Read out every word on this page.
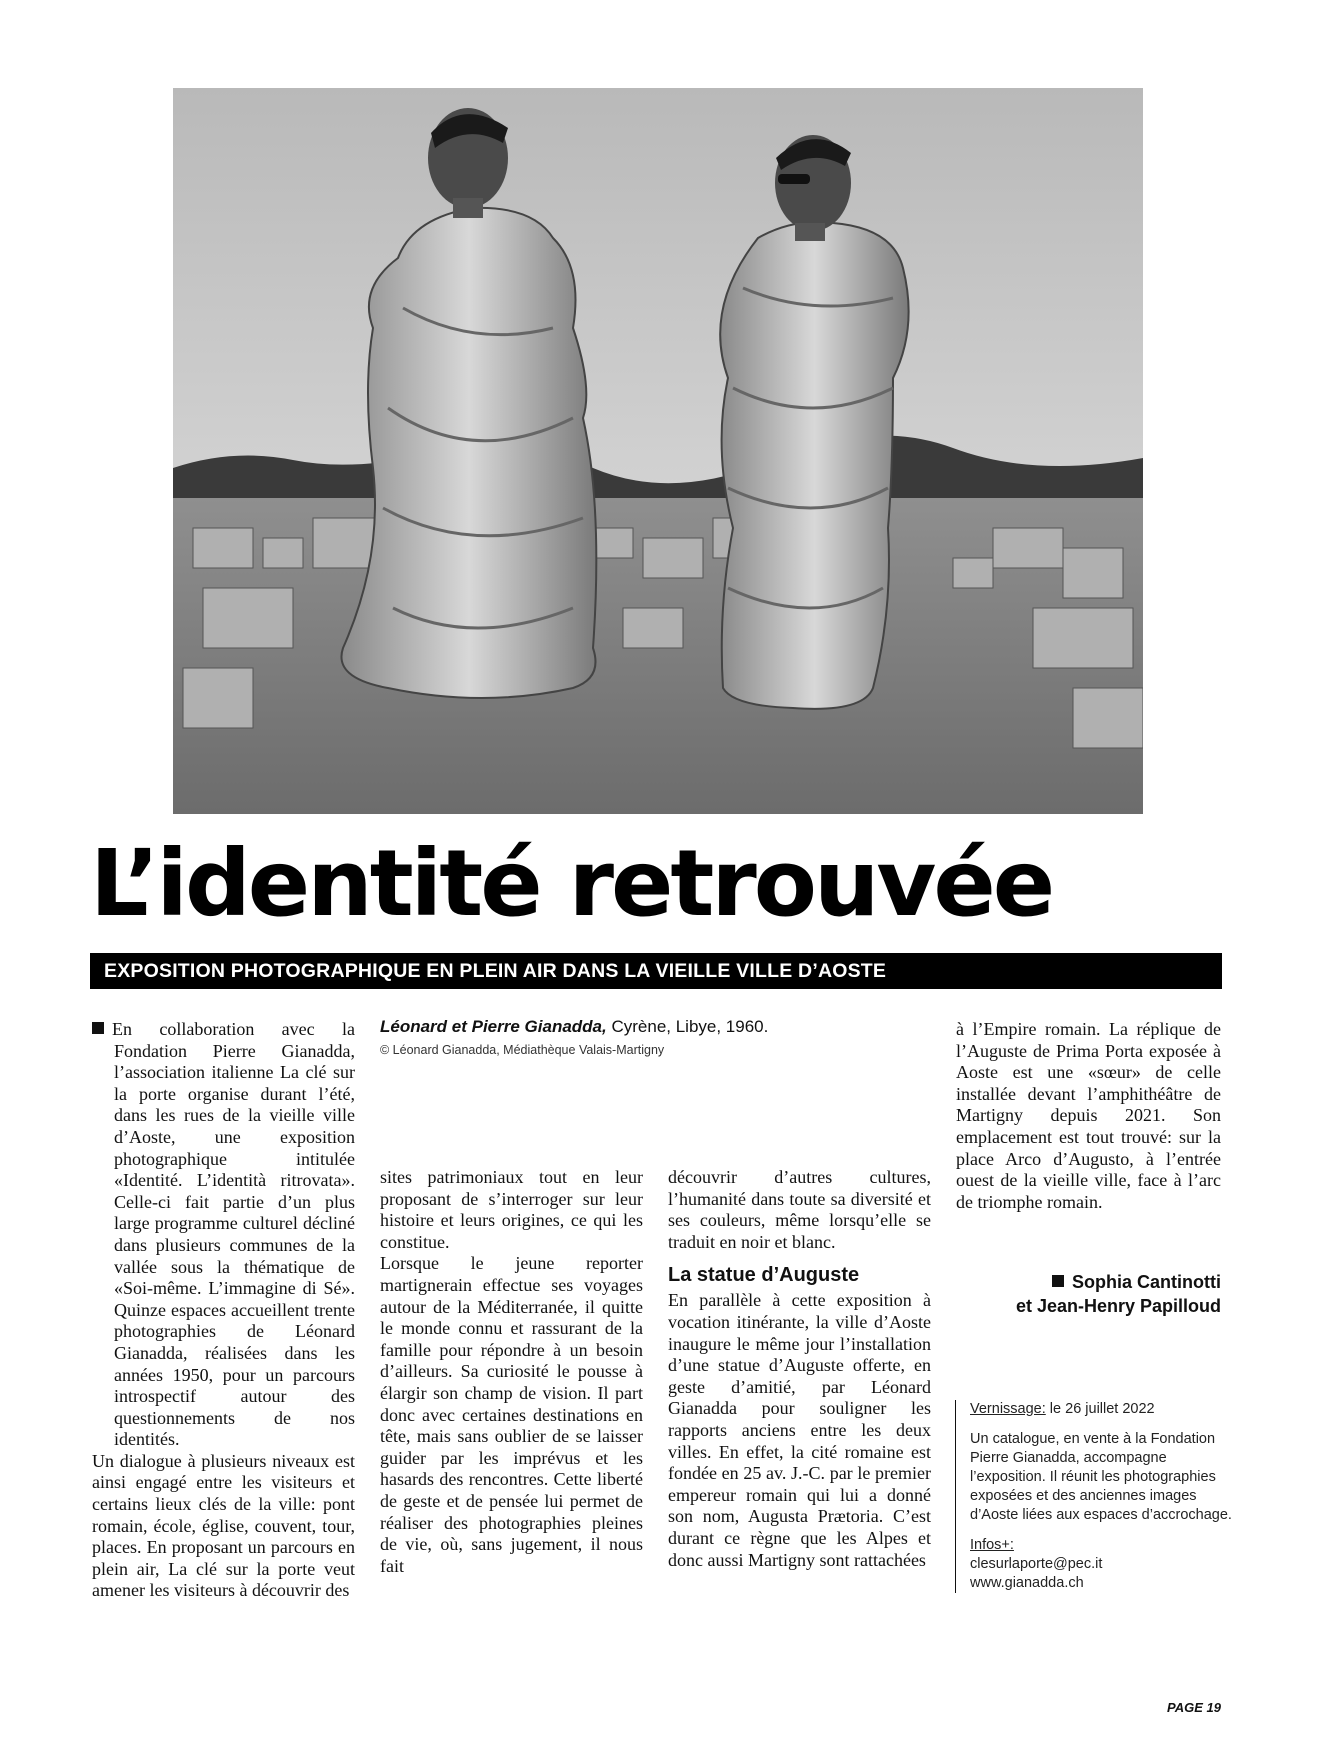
L’identité retrouvée
EXPOSITION PHOTOGRAPHIQUE EN PLEIN AIR DANS LA VIEILLE VILLE D’AOSTE

En collaboration avec la Fondation Pierre Gianadda, l’association italienne La clé sur la porte organise durant l’été, dans les rues de la vieille ville d’Aoste, une exposition photographique intitulée «Identité. L’identità ritrovata». Celle-ci fait partie d’un plus large programme culturel décliné dans plusieurs communes de la vallée sous la thématique de «Soi-même. L’immagine di Sé». Quinze espaces accueillent trente photographies de Léonard Gianadda, réalisées dans les années 1950, pour un parcours introspectif autour des questionnements de nos identités.

Un dialogue à plusieurs niveaux est ainsi engagé entre les visiteurs et certains lieux clés de la ville: pont romain, école, église, couvent, tour, places. En proposant un parcours en plein air, La clé sur la porte veut amener les visiteurs à découvrir des

Léonard et Pierre Gianadda, Cyrène, Libye, 1960.
© Léonard Gianadda, Médiathèque Valais-Martigny

sites patrimoniaux tout en leur proposant de s’interroger sur leur histoire et leurs origines, ce qui les constitue.

Lorsque le jeune reporter martignerain effectue ses voyages autour de la Méditerranée, il quitte le monde connu et rassurant de la famille pour répondre à un besoin d’ailleurs. Sa curiosité le pousse à élargir son champ de vision. Il part donc avec certaines destinations en tête, mais sans oublier de se laisser guider par les imprévus et les hasards des rencontres. Cette liberté de geste et de pensée lui permet de réaliser des photographies pleines de vie, où, sans jugement, il nous fait

découvrir d’autres cultures, l’humanité dans toute sa diversité et ses couleurs, même lorsqu’elle se traduit en noir et blanc.

La statue d’Auguste

En parallèle à cette exposition à vocation itinérante, la ville d’Aoste inaugure le même jour l’installation d’une statue d’Auguste offerte, en geste d’amitié, par Léonard Gianadda pour souligner les rapports anciens entre les deux villes. En effet, la cité romaine est fondée en 25 av. J.-C. par le premier empereur romain qui lui a donné son nom, Augusta Prætoria. C’est durant ce règne que les Alpes et donc aussi Martigny sont rattachées

à l’Empire romain. La réplique de l’Auguste de Prima Porta exposée à Aoste est une «sœur» de celle installée devant l’amphithéâtre de Martigny depuis 2021. Son emplacement est tout trouvé: sur la place Arco d’Augusto, à l’entrée ouest de la vieille ville, face à l’arc de triomphe romain.

Sophia Cantinotti
et Jean-Henry Papilloud

Vernissage: le 26 juillet 2022

Un catalogue, en vente à la Fondation Pierre Gianadda, accompagne l’exposition. Il réunit les photographies exposées et des anciennes images d’Aoste liées aux espaces d’accrochage.

Infos+:
clesurlaporte@pec.it
www.gianadda.ch

PAGE 19
